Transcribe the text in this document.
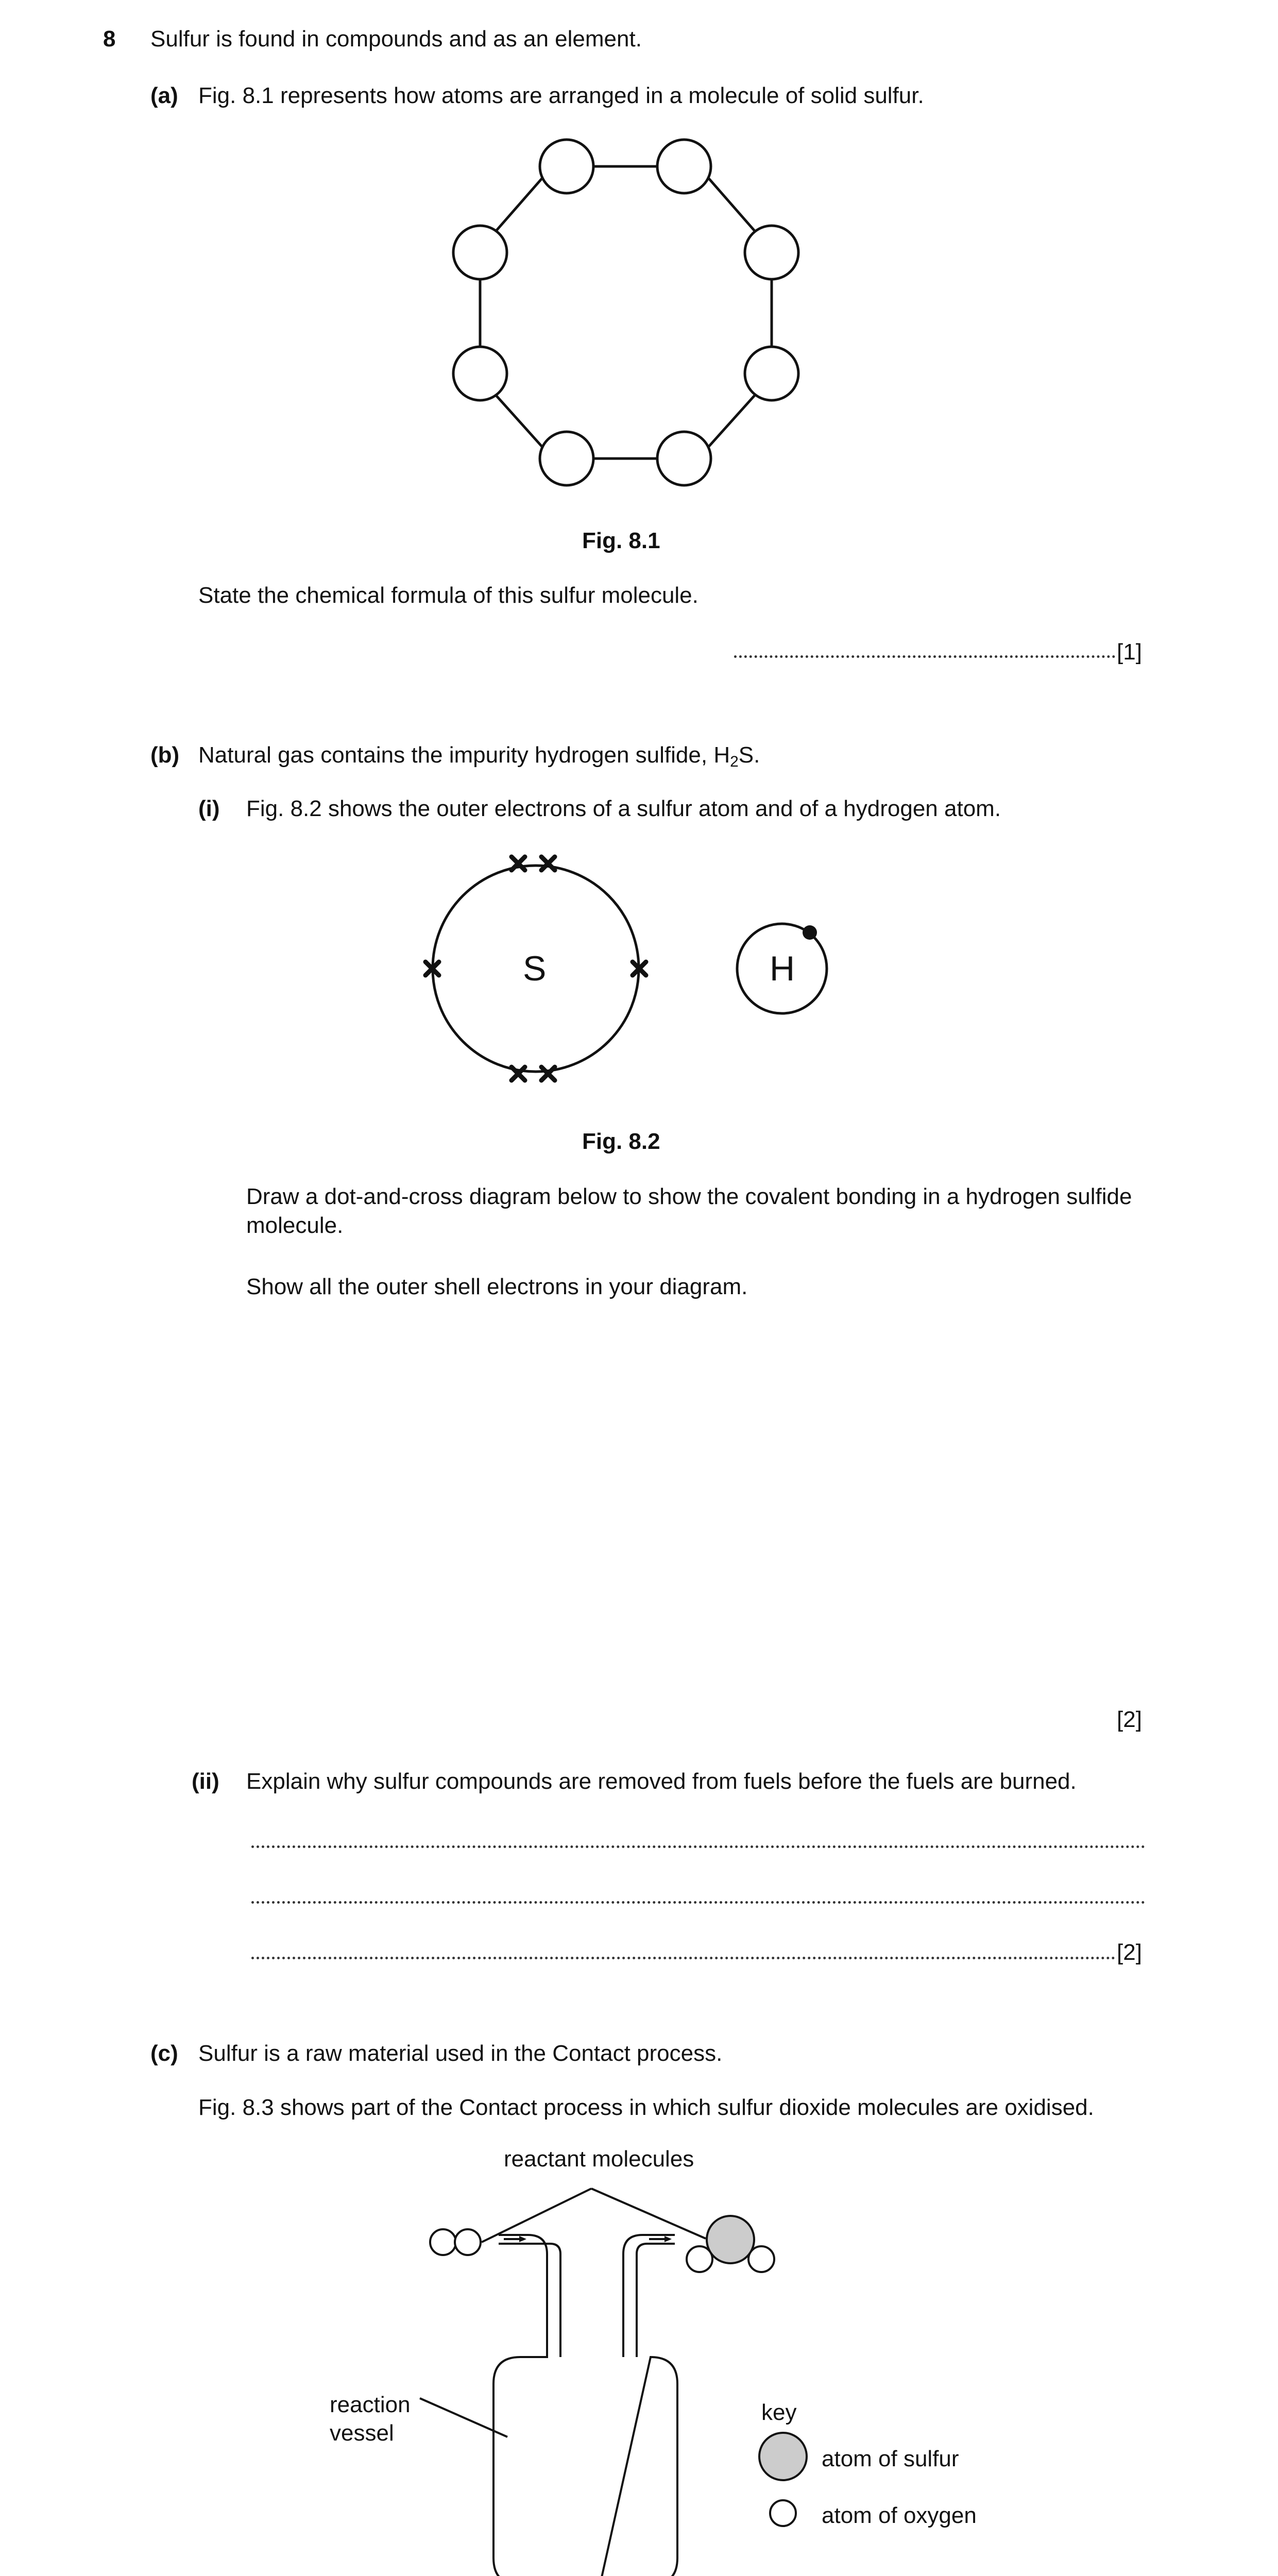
8 Sulfur is found in compounds and as an element.
(a) Fig. 8.1 represents how atoms are arranged in a molecule of solid sulfur.
Fig. 8.1
State the chemical formula of this sulfur molecule.
[1]
(b) Natural gas contains the impurity hydrogen sulfide, $H_2S$.
(i) Fig. 8.2 shows the outer electrons of a sulfur atom and of a hydrogen atom.
S	H
Fig. 8.2
Draw a dot-and-cross diagram below to show the covalent bonding in a hydrogen sulfide molecule.
Show all the outer shell electrons in your diagram.
[2]
(ii) Explain why sulfur compounds are removed from fuels before the fuels are burned.
[2]
(c) Sulfur is a raw material used in the Contact process.
Fig. 8.3 shows part of the Contact process in which sulfur dioxide molecules are oxidised.
reactant molecules
reaction
vessel
key
atom of sulfur
atom of oxygen
